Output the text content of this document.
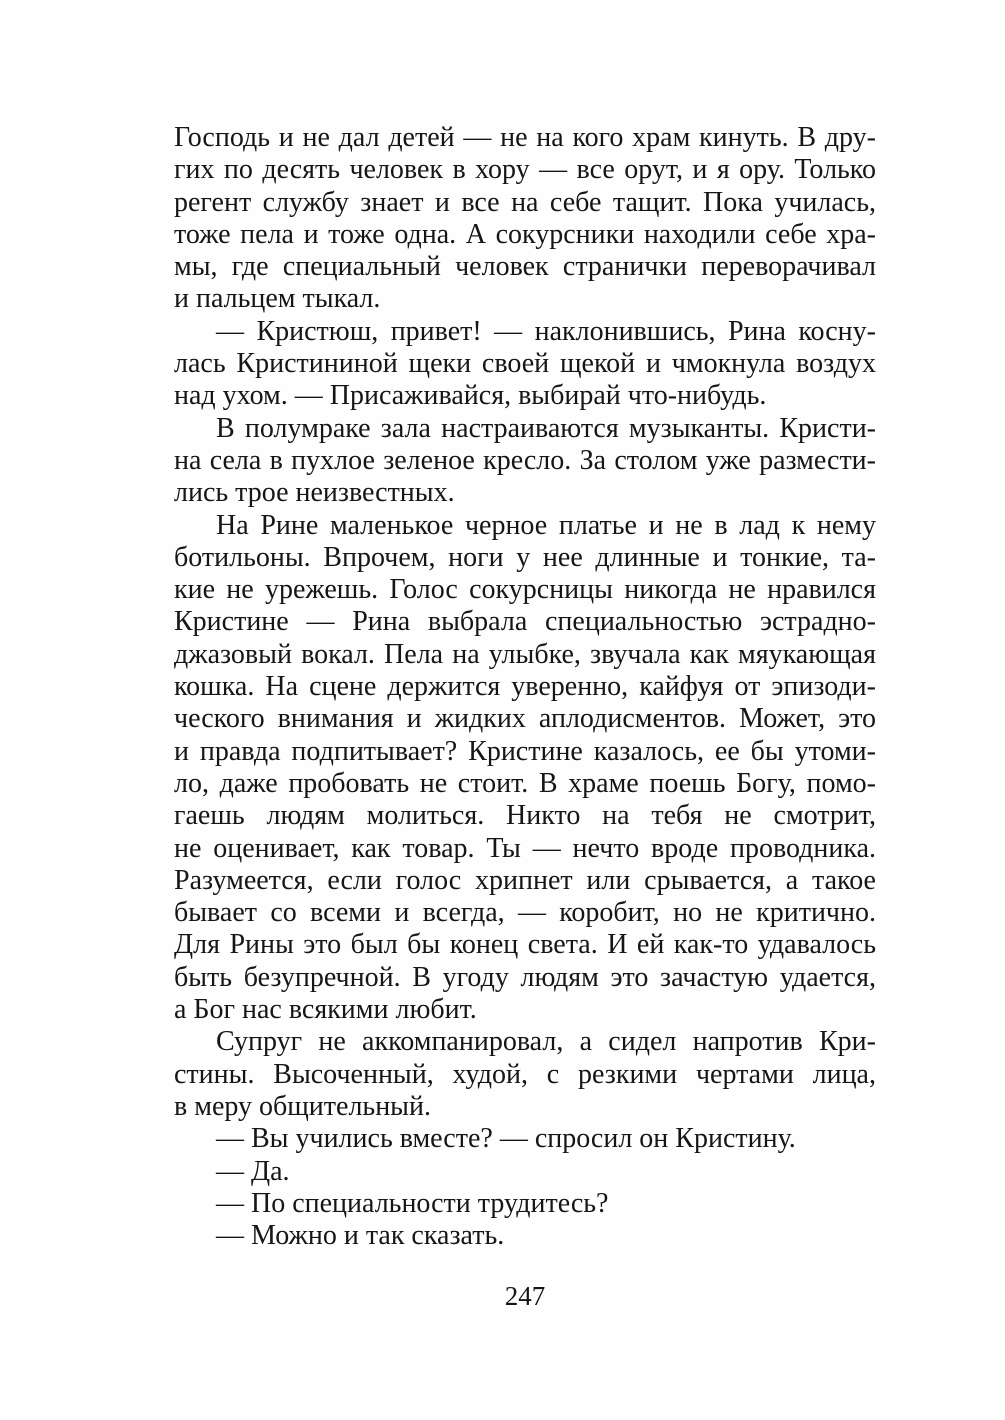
Господь и не дал детей — не на кого храм кинуть. В дру-
гих по десять человек в хору — все орут, и я ору. Только
регент службу знает и все на себе тащит. Пока училась,
тоже пела и тоже одна. А сокурсники находили себе хра-
мы, где специальный человек странички переворачивал
и пальцем тыкал.
— Кристюш, привет! — наклонившись, Рина косну-
лась Кристининой щеки своей щекой и чмокнула воздух
над ухом. — Присаживайся, выбирай что-нибудь.
В полумраке зала настраиваются музыканты. Кристи-
на села в пухлое зеленое кресло. За столом уже размести-
лись трое неизвестных.
На Рине маленькое черное платье и не в лад к нему
ботильоны. Впрочем, ноги у нее длинные и тонкие, та-
кие не урежешь. Голос сокурсницы никогда не нравился
Кристине — Рина выбрала специальностью эстрадно-
джазовый вокал. Пела на улыбке, звучала как мяукающая
кошка. На сцене держится уверенно, кайфуя от эпизоди-
ческого внимания и жидких аплодисментов. Может, это
и правда подпитывает? Кристине казалось, ее бы утоми-
ло, даже пробовать не стоит. В храме поешь Богу, помо-
гаешь людям молиться. Никто на тебя не смотрит,
не оценивает, как товар. Ты — нечто вроде проводника.
Разумеется, если голос хрипнет или срывается, а такое
бывает со всеми и всегда, — коробит, но не критично.
Для Рины это был бы конец света. И ей как-то удавалось
быть безупречной. В угоду людям это зачастую удается,
а Бог нас всякими любит.
Супруг не аккомпанировал, а сидел напротив Кри-
стины. Высоченный, худой, с резкими чертами лица,
в меру общительный.
— Вы учились вместе? — спросил он Кристину.
— Да.
— По специальности трудитесь?
— Можно и так сказать.
247
